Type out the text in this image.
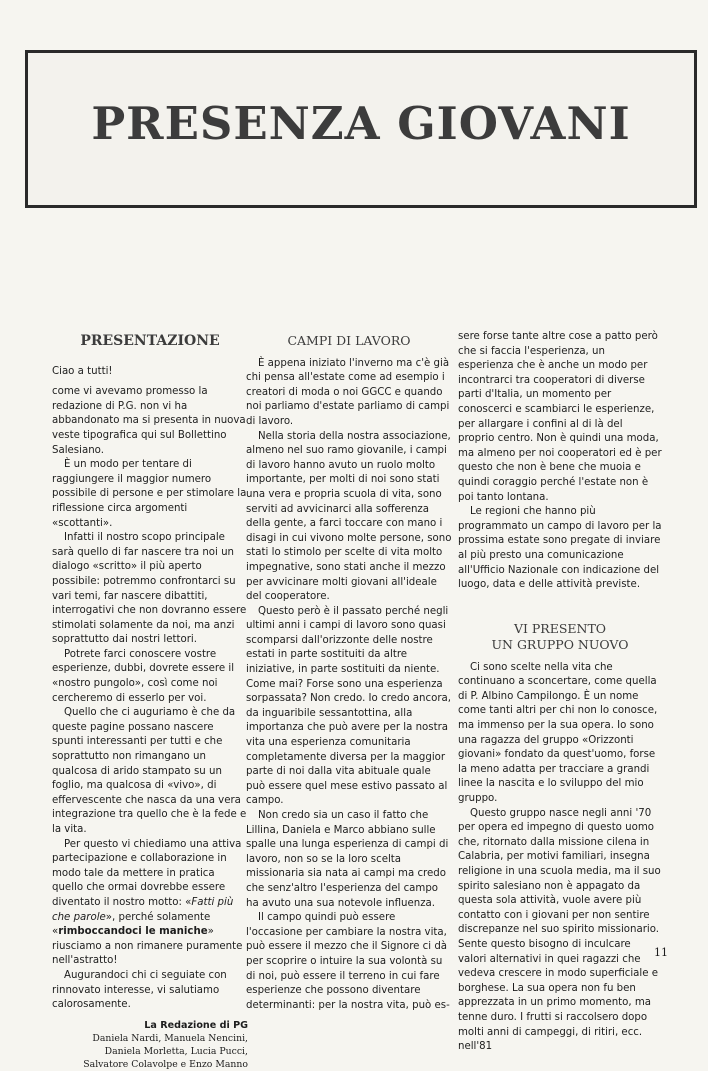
PRESENZA GIOVANI
PRESENTAZIONE

Ciao a tutti!

come vi avevamo promesso la redazione di P.G. non vi ha abbandonato ma si presenta in nuova veste tipografica qui sul Bollettino Salesiano.

È un modo per tentare di raggiungere il maggior numero possibile di persone e per stimolare la riflessione circa argomenti «scottanti».

Infatti il nostro scopo principale sarà quello di far nascere tra noi un dialogo «scritto» il più aperto possibile: potremmo confrontarci su vari temi, far nascere dibattiti, interrogativi che non dovranno essere stimolati solamente da noi, ma anzi soprattutto dai nostri lettori.

Potrete farci conoscere vostre esperienze, dubbi, dovrete essere il «nostro pungolo», così come noi cercheremo di esserlo per voi.

Quello che ci auguriamo è che da queste pagine possano nascere spunti interessanti per tutti e che soprattutto non rimangano un qualcosa di arido stampato su un foglio, ma qualcosa di «vivo», di effervescente che nasca da una vera integrazione tra quello che è la fede e la vita.

Per questo vi chiediamo una attiva partecipazione e collaborazione in modo tale da mettere in pratica quello che ormai dovrebbe essere diventato il nostro motto: «Fatti più che parole», perché solamente «rimboccandoci le maniche» riusciamo a non rimanere puramente nell'astratto!

Augurandoci chi ci seguiate con rinnovato interesse, vi salutiamo calorosamente.

La Redazione di PG
Daniela Nardi, Manuela Nencini,
Daniela Morletta, Lucia Pucci,
Salvatore Colavolpe e Enzo Manno
CAMPI DI LAVORO

È appena iniziato l'inverno ma c'è già chi pensa all'estate come ad esempio i creatori di moda o noi GGCC e quando noi parliamo d'estate parliamo di campi di lavoro.

Nella storia della nostra associazione, almeno nel suo ramo giovanile, i campi di lavoro hanno avuto un ruolo molto importante, per molti di noi sono stati una vera e propria scuola di vita, sono serviti ad avvicinarci alla sofferenza della gente, a farci toccare con mano i disagi in cui vivono molte persone, sono stati lo stimolo per scelte di vita molto impegnative, sono stati anche il mezzo per avvicinare molti giovani all'ideale del cooperatore.

Questo però è il passato perché negli ultimi anni i campi di lavoro sono quasi scomparsi dall'orizzonte delle nostre estati in parte sostituiti da altre iniziative, in parte sostituiti da niente. Come mai? Forse sono una esperienza sorpassata? Non credo. Io credo ancora, da inguaribile sessantottina, alla importanza che può avere per la nostra vita una esperienza comunitaria completamente diversa per la maggior parte di noi dalla vita abituale quale può essere quel mese estivo passato al campo.

Non credo sia un caso il fatto che Lillina, Daniela e Marco abbiano sulle spalle una lunga esperienza di campi di lavoro, non so se la loro scelta missionaria sia nata ai campi ma credo che senz'altro l'esperienza del campo ha avuto una sua notevole influenza.

Il campo quindi può essere l'occasione per cambiare la nostra vita, può essere il mezzo che il Signore ci dà per scoprire o intuire la sua volontà su di noi, può essere il terreno in cui fare esperienze che possono diventare determinanti: per la nostra vita, può es-

sere forse tante altre cose a patto però che si faccia l'esperienza, un esperienza che è anche un modo per incontrarci tra cooperatori di diverse parti d'Italia, un momento per conoscerci e scambiarci le esperienze, per allargare i confini al di là del proprio centro. Non è quindi una moda, ma almeno per noi cooperatori ed è per questo che non è bene che muoia e quindi coraggio perché l'estate non è poi tanto lontana.

Le regioni che hanno più programmato un campo di lavoro per la prossima estate sono pregate di inviare al più presto una comunicazione all'Ufficio Nazionale con indicazione del luogo, data e delle attività previste.

VI PRESENTO
UN GRUPPO NUOVO

Ci sono scelte nella vita che continuano a sconcertare, come quella di P. Albino Campilongo. È un nome come tanti altri per chi non lo conosce, ma immenso per la sua opera. Io sono una ragazza del gruppo «Orizzonti giovani» fondato da quest'uomo, forse la meno adatta per tracciare a grandi linee la nascita e lo sviluppo del mio gruppo.

Questo gruppo nasce negli anni '70 per opera ed impegno di questo uomo che, ritornato dalla missione cilena in Calabria, per motivi familiari, insegna religione in una scuola media, ma il suo spirito salesiano non è appagato da questa sola attività, vuole avere più contatto con i giovani per non sentire discrepanze nel suo spirito missionario. Sente questo bisogno di inculcare valori alternativi in quei ragazzi che vedeva crescere in modo superficiale e borghese. La sua opera non fu ben apprezzata in un primo momento, ma tenne duro. I frutti si raccolsero dopo molti anni di campeggi, di ritiri, ecc. nell'81

11
